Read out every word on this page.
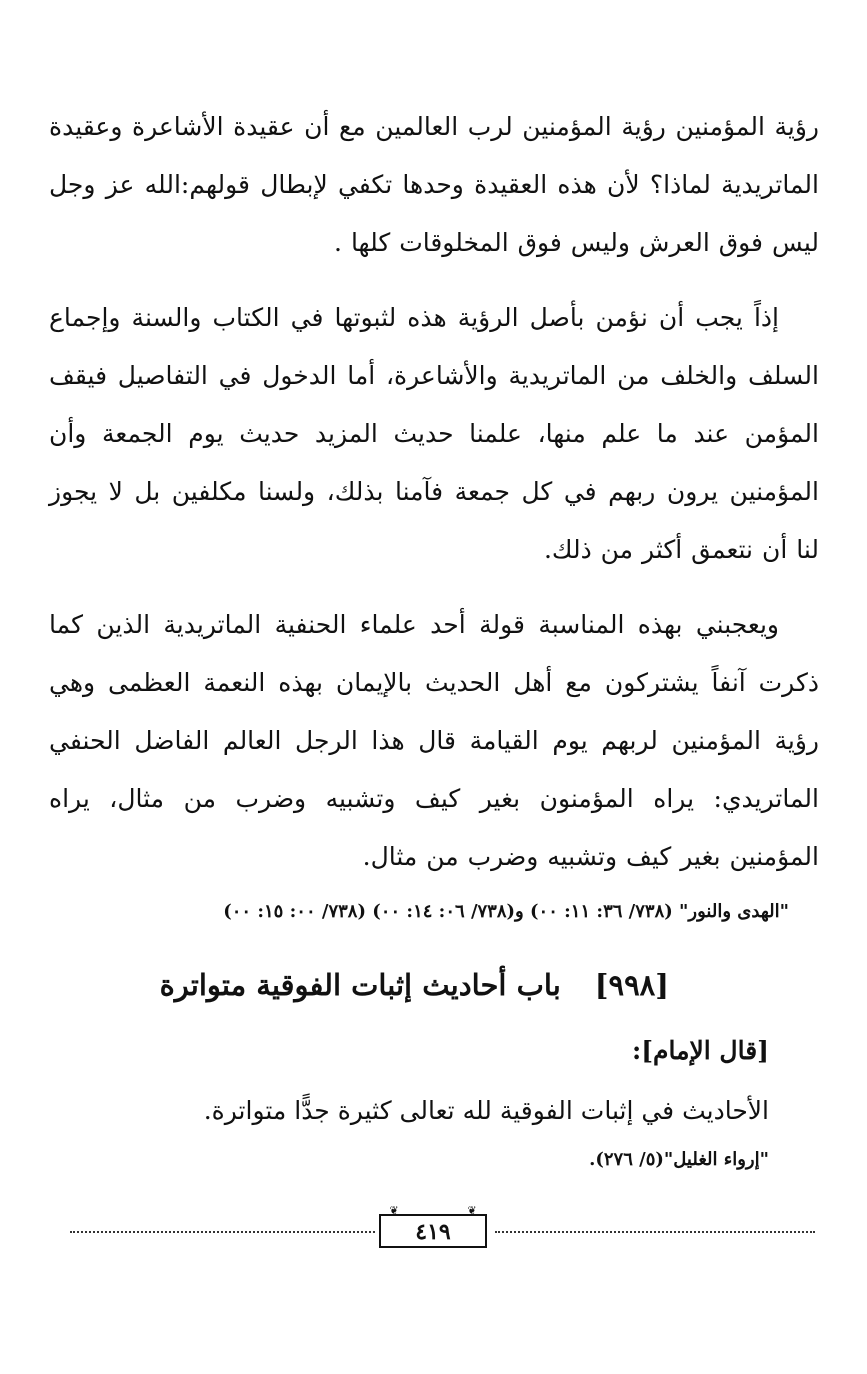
رؤية المؤمنين رؤية المؤمنين لرب العالمين مع أن عقيدة الأشاعرة وعقيدة الماتريدية لماذا؟ لأن هذه العقيدة وحدها تكفي لإبطال قولهم:الله عز وجل ليس فوق العرش وليس فوق المخلوقات كلها .

إذاً يجب أن نؤمن بأصل الرؤية هذه لثبوتها في الكتاب والسنة وإجماع السلف والخلف من الماتريدية والأشاعرة، أما الدخول في التفاصيل فيقف المؤمن عند ما علم منها، علمنا حديث المزيد حديث يوم الجمعة وأن المؤمنين يرون ربهم في كل جمعة فآمنا بذلك، ولسنا مكلفين بل لا يجوز لنا أن نتعمق أكثر من ذلك.

ويعجبني بهذه المناسبة قولة أحد علماء الحنفية الماتريدية الذين كما ذكرت آنفاً يشتركون مع أهل الحديث بالإيمان بهذه النعمة العظمى وهي رؤية المؤمنين لربهم يوم القيامة قال هذا الرجل العالم الفاضل الحنفي الماتريدي: يراه المؤمنون بغير كيف وتشبيه وضرب من مثال، يراه المؤمنين بغير كيف وتشبيه وضرب من مثال.

"الهدى والنور" (٧٣٨/ ٣٦: ١١: ٠٠) و(٧٣٨/ ٠٦: ١٤: ٠٠) (٧٣٨/ ٠٠: ١٥: ٠٠)
[٩٩٨]
باب أحاديث إثبات الفوقية متواترة
[قال الإمام]:
الأحاديث في إثبات الفوقية لله تعالى كثيرة جدًّا متواترة.
"إرواء الغليل"(٥/ ٢٧٦).
❦	❦
٤١٩
